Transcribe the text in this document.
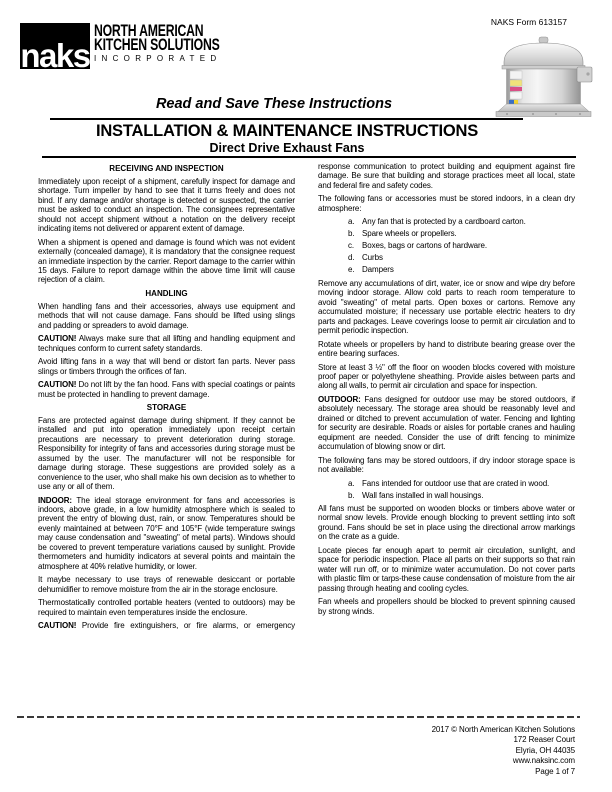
NAKS Form 613157
naks
NORTH AMERICAN
KITCHEN SOLUTIONS
INCORPORATED
Read and Save These Instructions
INSTALLATION & MAINTENANCE INSTRUCTIONS
Direct Drive Exhaust Fans
RECEIVING AND INSPECTION

Immediately upon receipt of a shipment, carefully inspect for damage and shortage. Turn impeller by hand to see that it turns freely and does not bind. If any damage and/or shortage is detected or suspected, the carrier must be asked to conduct an inspection. The consignees representative should not accept shipment without a notation on the delivery receipt indicating items not delivered or apparent extent of damage.

When a shipment is opened and damage is found which was not evident externally (concealed damage), it is mandatory that the consignee request an immediate inspection by the carrier. Report damage to the carrier within 15 days. Failure to report damage within the above time limit will cause rejection of a claim.

HANDLING

When handling fans and their accessories, always use equipment and methods that will not cause damage. Fans should be lifted using slings and padding or spreaders to avoid damage.

CAUTION! Always make sure that all lifting and handling equipment and techniques conform to current safety standards.

Avoid lifting fans in a way that will bend or distort fan parts. Never pass slings or timbers through the orifices of fan.

CAUTION! Do not lift by the fan hood. Fans with special coatings or paints must be protected in handling to prevent damage.

STORAGE

Fans are protected against damage during shipment. If they cannot be installed and put into operation immediately upon receipt certain precautions are necessary to prevent deterioration during storage. Responsibility for integrity of fans and accessories during storage must be assumed by the user. The manufacturer will not be responsible for damage during storage. These suggestions are provided solely as a convenience to the user, who shall make his own decision as to whether to use any or all of them.

INDOOR: The ideal storage environment for fans and accessories is indoors, above grade, in a low humidity atmosphere which is sealed to prevent the entry of blowing dust, rain, or snow. Temperatures should be evenly maintained at between 70°F and 105°F (wide temperature swings may cause condensation and "sweating" of metal parts). Windows should be covered to prevent temperature variations caused by sunlight. Provide thermometers and humidity indicators at several points and maintain the atmosphere at 40% relative humidity, or lower.

It maybe necessary to use trays of renewable desiccant or portable dehumidifier to remove moisture from the air in the storage enclosure.

Thermostatically controlled portable heaters (vented to outdoors) may be required to maintain even temperatures inside the enclosure.

CAUTION! Provide fire extinguishers, or fire alarms, or emergency

response communication to protect building and equipment against fire damage. Be sure that building and storage practices meet all local, state and federal fire and safety codes.

The following fans or accessories must be stored indoors, in a clean dry atmosphere:

a. Any fan that is protected by a cardboard carton.
b. Spare wheels or propellers.
c. Boxes, bags or cartons of hardware.
d. Curbs
e. Dampers

Remove any accumulations of dirt, water, ice or snow and wipe dry before moving indoor storage. Allow cold parts to reach room temperature to avoid "sweating" of metal parts. Open boxes or cartons. Remove any accumulated moisture; if necessary use portable electric heaters to dry parts and packages. Leave coverings loose to permit air circulation and to permit periodic inspection.

Rotate wheels or propellers by hand to distribute bearing grease over the entire bearing surfaces.

Store at least 3 ½" off the floor on wooden blocks covered with moisture proof paper or polyethylene sheathing. Provide aisles between parts and along all walls, to permit air circulation and space for inspection.

OUTDOOR: Fans designed for outdoor use may be stored outdoors, if absolutely necessary. The storage area should be reasonably level and drained or ditched to prevent accumulation of water. Fencing and lighting for security are desirable. Roads or aisles for portable cranes and hauling equipment are needed. Consider the use of drift fencing to minimize accumulation of blowing snow or dirt.

The following fans may be stored outdoors, if dry indoor storage space is not available:

a. Fans intended for outdoor use that are crated in wood.
b. Wall fans installed in wall housings.

All fans must be supported on wooden blocks or timbers above water or normal snow levels. Provide enough blocking to prevent settling into soft ground. Fans should be set in place using the directional arrow markings on the crate as a guide.

Locate pieces far enough apart to permit air circulation, sunlight, and space for periodic inspection. Place all parts on their supports so that rain water will run off, or to minimize water accumulation. Do not cover parts with plastic film or tarps-these cause condensation of moisture from the air passing through heating and cooling cycles.

Fan wheels and propellers should be blocked to prevent spinning caused by strong winds.

2017 © North American Kitchen Solutions
172 Reaser Court
Elyria, OH 44035
www.naksinc.com
Page 1 of 7
